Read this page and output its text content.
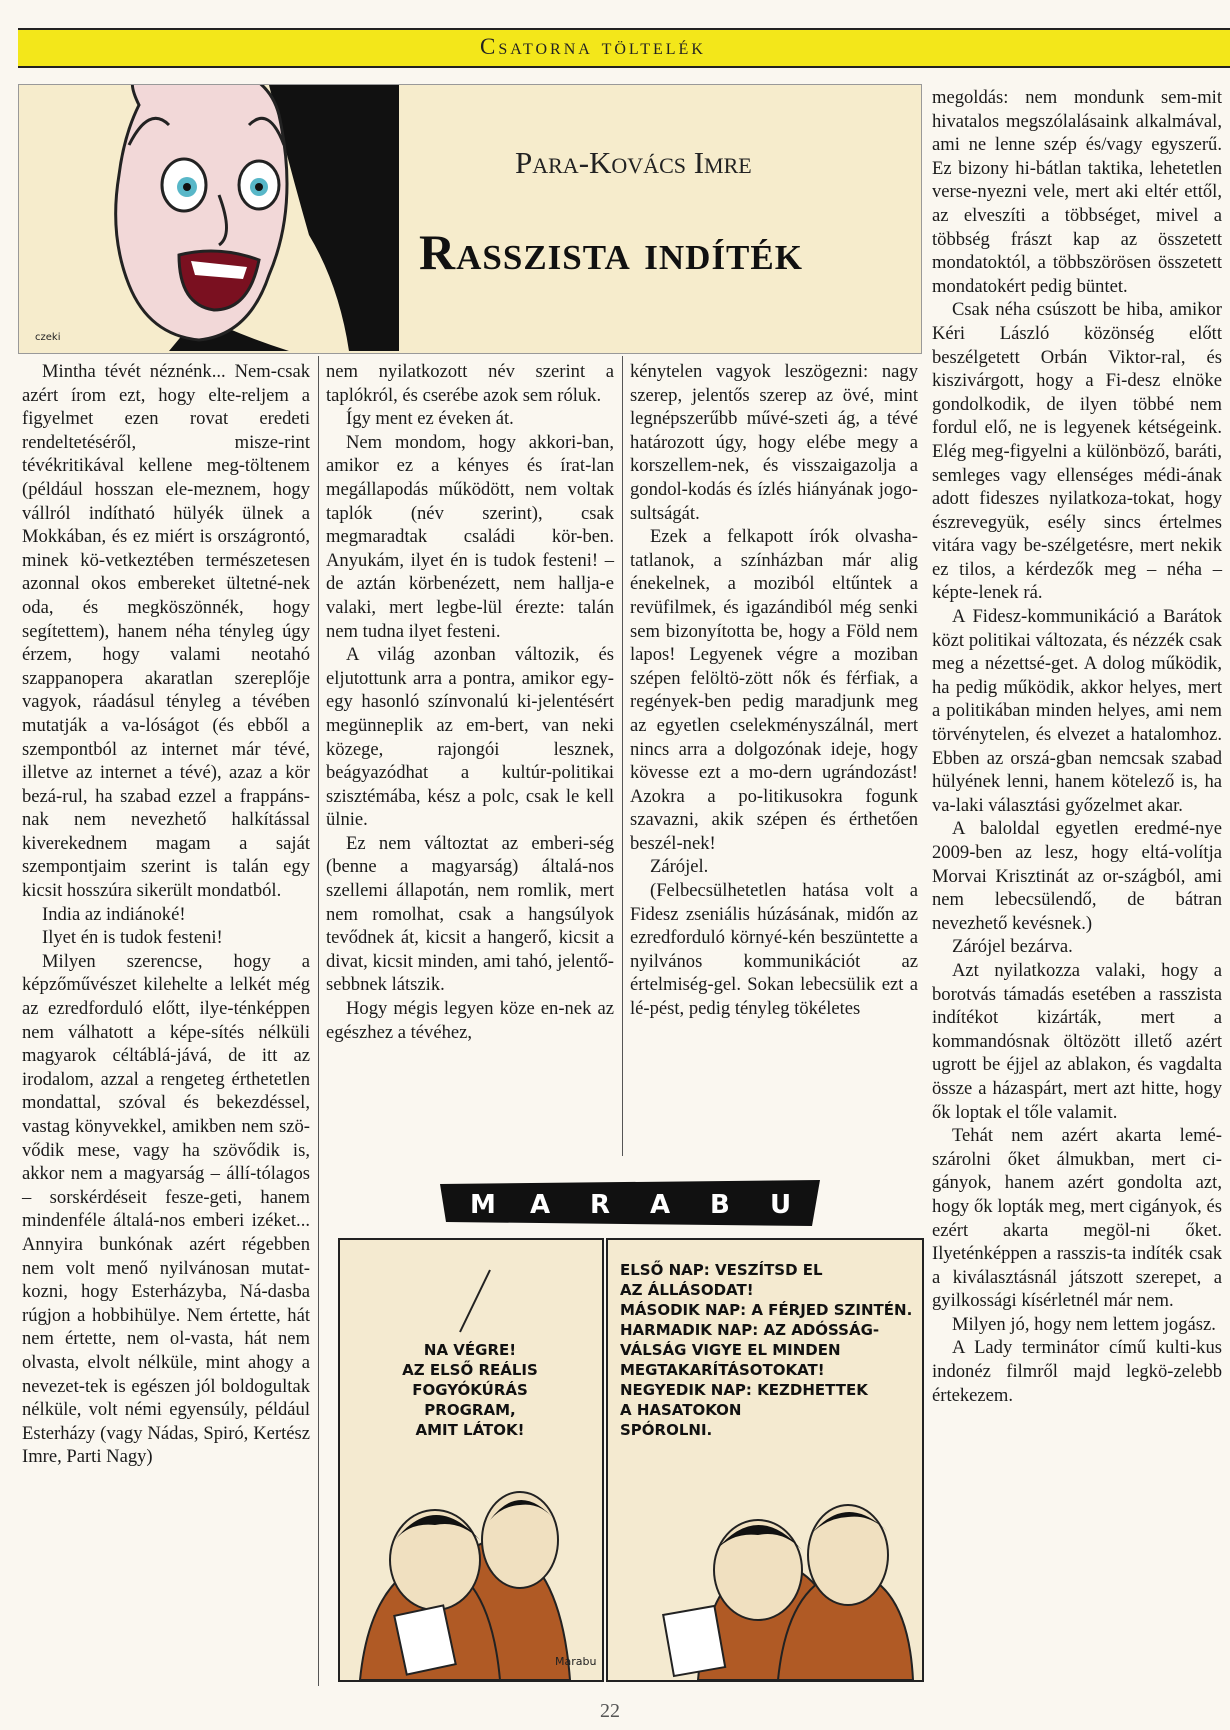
Csatorna töltelék
czeki
Para-Kovács Imre
Rasszista indíték

Mintha tévét néznénk... Nem-csak azért írom ezt, hogy elte-reljem a figyelmet ezen rovat eredeti rendeltetéséről, misze-rint tévékritikával kellene meg-töltenem (például hosszan ele-meznem, hogy vállról indítható hülyék ülnek a Mokkában, és ez miért is országrontó, minek kö-vetkeztében természetesen azonnal okos embereket ültetné-nek oda, és megköszönnék, hogy segítettem), hanem néha tényleg úgy érzem, hogy valami neotahó szappanopera akaratlan szereplője vagyok, ráadásul tényleg a tévében mutatják a va-lóságot (és ebből a szempontból az internet már tévé, illetve az internet a tévé), azaz a kör bezá-rul, ha szabad ezzel a frappáns-nak nem nevezhető halkítással kiverekednem magam a saját szempontjaim szerint is talán egy kicsit hosszúra sikerült mondatból.

India az indiánoké!

Ilyet én is tudok festeni!

Milyen szerencse, hogy a képzőművészet kilehelte a lelkét még az ezredforduló előtt, ilye-ténképpen nem válhatott a képe-sítés nélküli magyarok céltáblá-jává, de itt az irodalom, azzal a rengeteg érthetetlen mondattal, szóval és bekezdéssel, vastag könyvekkel, amikben nem szö-vődik mese, vagy ha szövődik is, akkor nem a magyarság – állí-tólagos – sorskérdéseit fesze-geti, hanem mindenféle általá-nos emberi izéket... Annyira bunkónak azért régebben nem volt menő nyilvánosan mutat-kozni, hogy Esterházyba, Ná-dasba rúgjon a hobbihülye. Nem értette, hát nem értette, nem ol-vasta, hát nem olvasta, elvolt nélküle, mint ahogy a nevezet-tek is egészen jól boldogultak nélküle, volt némi egyensúly, például Esterházy (vagy Nádas, Spiró, Kertész Imre, Parti Nagy)

nem nyilatkozott név szerint a taplókról, és cserébe azok sem róluk.

Így ment ez éveken át.

Nem mondom, hogy akkori-ban, amikor ez a kényes és írat-lan megállapodás működött, nem voltak taplók (név szerint), csak megmaradtak családi kör-ben. Anyukám, ilyet én is tudok festeni! – de aztán körbenézett, nem hallja-e valaki, mert legbe-lül érezte: talán nem tudna ilyet festeni.

A világ azonban változik, és eljutottunk arra a pontra, amikor egy-egy hasonló színvonalú ki-jelentésért megünneplik az em-bert, van neki közege, rajongói lesznek, beágyazódhat a kultúr-politikai szisztémába, kész a polc, csak le kell ülnie.

Ez nem változtat az emberi-ség (benne a magyarság) általá-nos szellemi állapotán, nem romlik, mert nem romolhat, csak a hangsúlyok tevődnek át, kicsit a hangerő, kicsit a divat, kicsit minden, ami tahó, jelentő-sebbnek látszik.

Hogy mégis legyen köze en-nek az egészhez a tévéhez,

kénytelen vagyok leszögezni: nagy szerep, jelentős szerep az övé, mint legnépszerűbb művé-szeti ág, a tévé határozott úgy, hogy elébe megy a korszellem-nek, és visszaigazolja a gondol-kodás és ízlés hiányának jogo-sultságát.

Ezek a felkapott írók olvasha-tatlanok, a színházban már alig énekelnek, a moziból eltűntek a revüfilmek, és igazándiból még senki sem bizonyította be, hogy a Föld nem lapos! Legyenek végre a moziban szépen felöltö-zött nők és férfiak, a regények-ben pedig maradjunk meg az egyetlen cselekményszálnál, mert nincs arra a dolgozónak ideje, hogy kövesse ezt a mo-dern ugrándozást! Azokra a po-litikusokra fogunk szavazni, akik szépen és érthetően beszél-nek!

Zárójel.

(Felbecsülhetetlen hatása volt a Fidesz zseniális húzásának, midőn az ezredforduló környé-kén beszüntette a nyilvános kommunikációt az értelmiség-gel. Sokan lebecsülik ezt a lé-pést, pedig tényleg tökéletes

megoldás: nem mondunk sem-mit hivatalos megszólalásaink alkalmával, ami ne lenne szép és/vagy egyszerű. Ez bizony hi-bátlan taktika, lehetetlen verse-nyezni vele, mert aki eltér ettől, az elveszíti a többséget, mivel a többség frászt kap az összetett mondatoktól, a többszörösen összetett mondatokért pedig büntet.

Csak néha csúszott be hiba, amikor Kéri László közönség előtt beszélgetett Orbán Viktor-ral, és kiszivárgott, hogy a Fi-desz elnöke gondolkodik, de ilyen többé nem fordul elő, ne is legyenek kétségeink. Elég meg-figyelni a különböző, baráti, semleges vagy ellenséges médi-ának adott fideszes nyilatkoza-tokat, hogy észrevegyük, esély sincs értelmes vitára vagy be-szélgetésre, mert nekik ez tilos, a kérdezők meg – néha – képte-lenek rá.

A Fidesz-kommunikáció a Barátok közt politikai változata, és nézzék csak meg a nézettsé-get. A dolog működik, ha pedig működik, akkor helyes, mert a politikában minden helyes, ami nem törvénytelen, és elvezet a hatalomhoz. Ebben az orszá-gban nemcsak szabad hülyének lenni, hanem kötelező is, ha va-laki választási győzelmet akar.

A baloldal egyetlen eredmé-nye 2009-ben az lesz, hogy eltá-volítja Morvai Krisztinát az or-szágból, ami nem lebecsülendő, de bátran nevezhető kevésnek.)

Zárójel bezárva.

Azt nyilatkozza valaki, hogy a borotvás támadás esetében a rasszista indítékot kizárták, mert a kommandósnak öltözött illető azért ugrott be éjjel az ablakon, és vagdalta össze a házaspárt, mert azt hitte, hogy ők loptak el tőle valamit.

Tehát nem azért akarta lemé-szárolni őket álmukban, mert ci-gányok, hanem azért gondolta azt, hogy ők lopták meg, mert cigányok, és ezért akarta megöl-ni őket. Ilyeténképpen a rasszis-ta indíték csak a kiválasztásnál játszott szerepet, a gyilkossági kísérletnél már nem.

Milyen jó, hogy nem lettem jogász.

A Lady terminátor című kulti-kus indonéz filmről majd legkö-zelebb értekezem.

M A R A B U
NA VÉGRE!
AZ ELSŐ REÁLIS
FOGYÓKÚRÁS
PROGRAM,
AMIT LÁTOK!
Marabu
ELSŐ NAP: VESZÍTSD EL
AZ ÁLLÁSODAT!
MÁSODIK NAP: A FÉRJED SZINTÉN.
HARMADIK NAP: AZ ADÓSSÁG-
VÁLSÁG VIGYE EL MINDEN
MEGTAKARÍTÁSOTOKAT!
NEGYEDIK NAP: KEZDHETTEK
A HASATOKON
SPÓROLNI.
22
